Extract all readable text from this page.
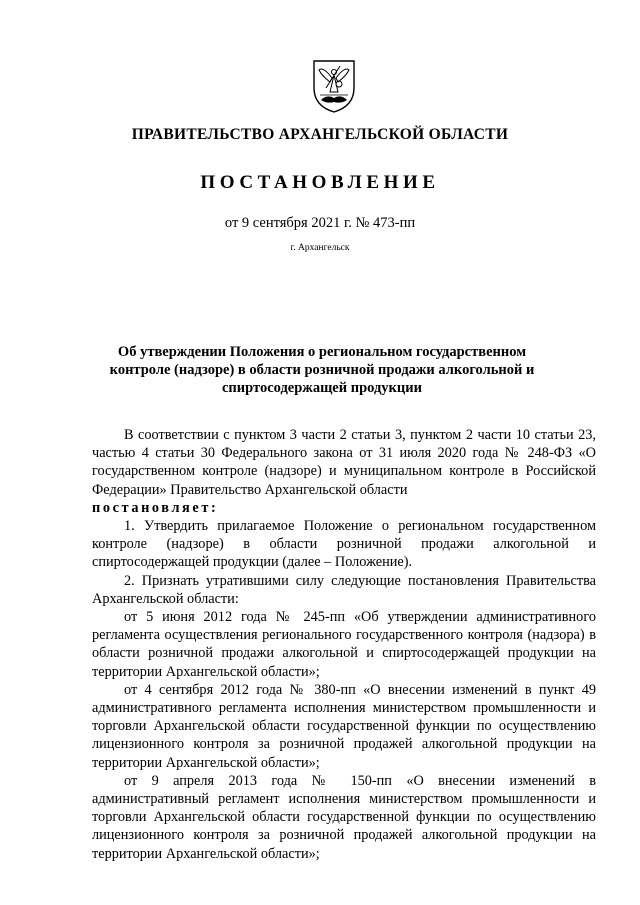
ПРАВИТЕЛЬСТВО АРХАНГЕЛЬСКОЙ ОБЛАСТИ
ПОСТАНОВЛЕНИЕ
от 9 сентября 2021 г. № 473-пп
г. Архангельск
Об утверждении Положения о региональном государственном контроле (надзоре) в области розничной продажи алкогольной и спиртосодержащей продукции

В соответствии с пунктом 3 части 2 статьи 3, пунктом 2 части 10 статьи 23, частью 4 статьи 30 Федерального закона от 31 июля 2020 года № 248-ФЗ «О государственном контроле (надзоре) и муниципальном контроле в Российской Федерации» Правительство Архангельской области

постановляет:

1. Утвердить прилагаемое Положение о региональном государственном контроле (надзоре) в области розничной продажи алкогольной и спиртосодержащей продукции (далее – Положение).

2. Признать утратившими силу следующие постановления Правительства Архангельской области:

от 5 июня 2012 года № 245-пп «Об утверждении административного регламента осуществления регионального государственного контроля (надзора) в области розничной продажи алкогольной и спиртосодержащей продукции на территории Архангельской области»;

от 4 сентября 2012 года № 380-пп «О внесении изменений в пункт 49 административного регламента исполнения министерством промышленности и торговли Архангельской области государственной функции по осуществлению лицензионного контроля за розничной продажей алкогольной продукции на территории Архангельской области»;

от 9 апреля 2013 года № 150-пп «О внесении изменений в административный регламент исполнения министерством промышленности и торговли Архангельской области государственной функции по осуществлению лицензионного контроля за розничной продажей алкогольной продукции на территории Архангельской области»;
